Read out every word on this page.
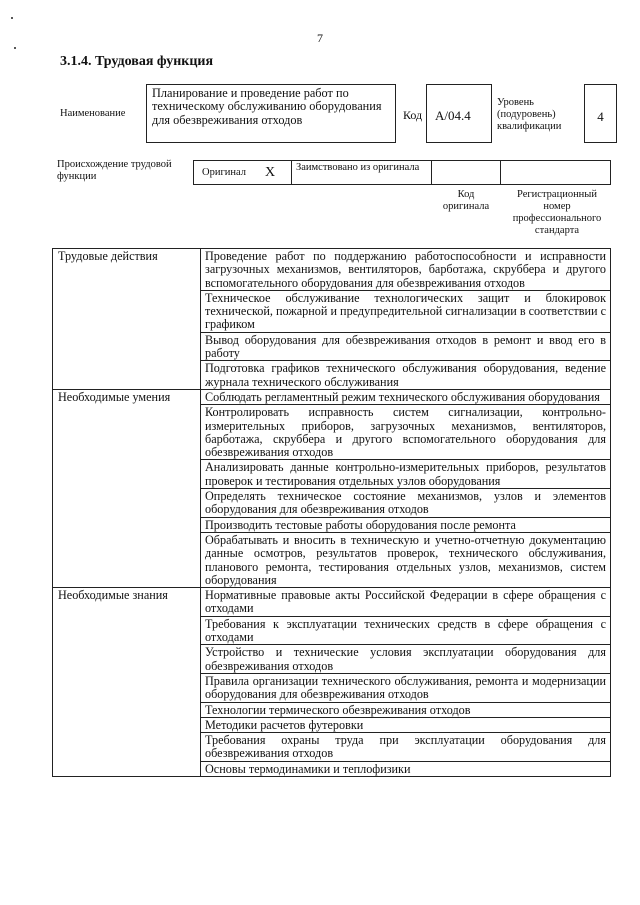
7
3.1.4. Трудовая функция
Наименование
Планирование и проведение работ по техническому обслуживанию оборудования для обезвреживания отходов	Код А/04.4
Уровень (подуровень) квалификации
4
Происхождение трудовой функции	Оригинал Х	Заимствовано из оригинала
Код оригинала
Регистрационный номер профессионального стандарта
Трудовые действия	Проведение работ по поддержанию работоспособности и исправности загрузочных механизмов, вентиляторов, барботажа, скруббера и другого вспомогательного оборудования для обезвреживания отходов
	Техническое обслуживание технологических защит и блокировок технической, пожарной и предупредительной сигнализации в соответствии с графиком
	Вывод оборудования для обезвреживания отходов в ремонт и ввод его в работу
	Подготовка графиков технического обслуживания оборудования, ведение журнала технического обслуживания
Необходимые умения	Соблюдать регламентный режим технического обслуживания оборудования
	Контролировать исправность систем сигнализации, контрольно-измерительных приборов, загрузочных механизмов, вентиляторов, барботажа, скруббера и другого вспомогательного оборудования для обезвреживания отходов
	Анализировать данные контрольно-измерительных приборов, результатов проверок и тестирования отдельных узлов оборудования
	Определять техническое состояние механизмов, узлов и элементов оборудования для обезвреживания отходов
	Производить тестовые работы оборудования после ремонта
	Обрабатывать и вносить в техническую и учетно-отчетную документацию данные осмотров, результатов проверок, технического обслуживания, планового ремонта, тестирования отдельных узлов, механизмов, систем оборудования
Необходимые знания	Нормативные правовые акты Российской Федерации в сфере обращения с отходами
	Требования к эксплуатации технических средств в сфере обращения с отходами
	Устройство и технические условия эксплуатации оборудования для обезвреживания отходов
	Правила организации технического обслуживания, ремонта и модернизации оборудования для обезвреживания отходов
	Технологии термического обезвреживания отходов
	Методики расчетов футеровки
	Требования охраны труда при эксплуатации оборудования для обезвреживания отходов
	Основы термодинамики и теплофизики
